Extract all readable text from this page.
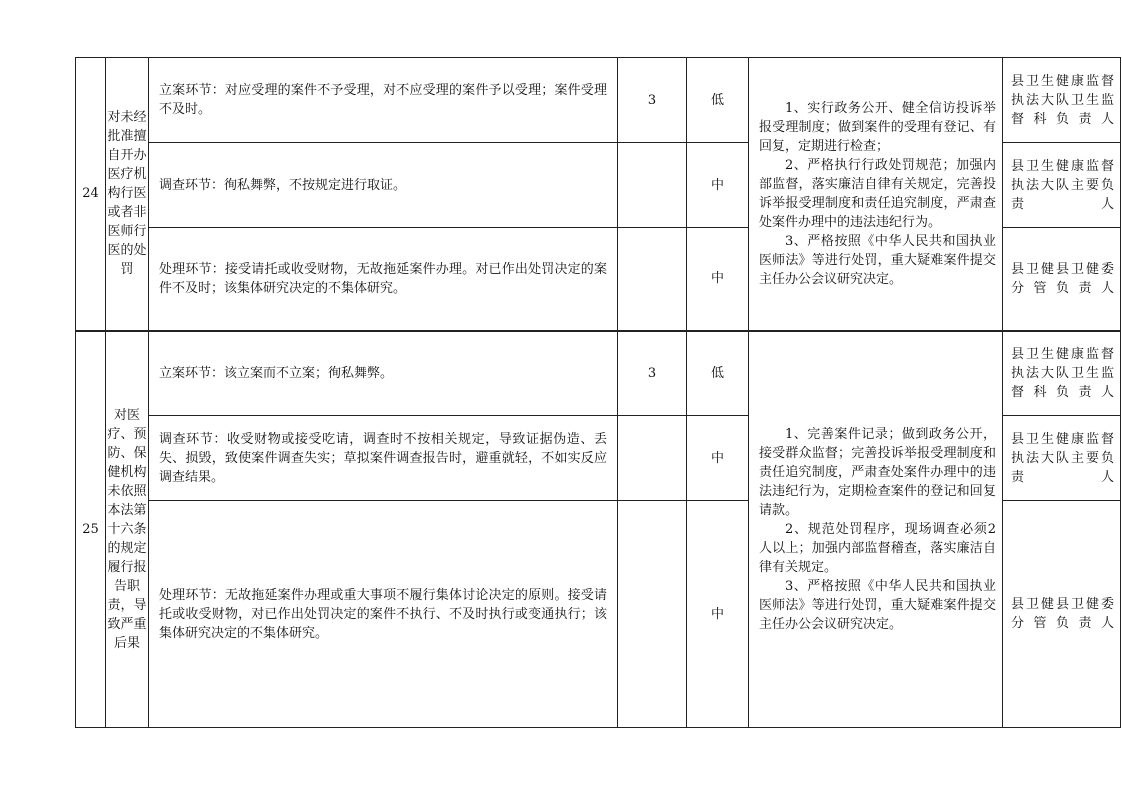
24	对未经批准擅自开办医疗机构行医或者非医师行医的处罚	立案环节：对应受理的案件不予受理，对不应受理的案件予以受理；案件受理不及时。	3	低	1、实行政务公开、健全信访投诉举报受理制度；做到案件的受理有登记、有回复，定期进行检查；

2、严格执行行政处罚规范；加强内部监督，落实廉洁自律有关规定，完善投诉举报受理制度和责任追究制度，严肃查处案件办理中的违法违纪行为。

3、严格按照《中华人民共和国执业医师法》等进行处罚，重大疑难案件提交主任办公会议研究决定。	县卫生健康监督执法大队卫生监督科负责人
		调查环节：徇私舞弊，不按规定进行取证。		中		县卫生健康监督执法大队主要负责人
		处理环节：接受请托或收受财物，无故拖延案件办理。对已作出处罚决定的案件不及时；该集体研究决定的不集体研究。		中		县卫健县卫健委分管负责人
25	对医疗、预防、保健机构未依照本法第十六条的规定履行报告职责，导致严重后果	立案环节：该立案而不立案；徇私舞弊。	3	低	1、完善案件记录；做到政务公开，接受群众监督；完善投诉举报受理制度和责任追究制度，严肃查处案件办理中的违法违纪行为，定期检查案件的登记和回复请款。

2、规范处罚程序，现场调查必须2人以上；加强内部监督稽查，落实廉洁自律有关规定。

3、严格按照《中华人民共和国执业医师法》等进行处罚，重大疑难案件提交主任办公会议研究决定。	县卫生健康监督执法大队卫生监督科负责人
		调查环节：收受财物或接受吃请，调查时不按相关规定，导致证据伪造、丢失、损毁，致使案件调查失实；草拟案件调查报告时，避重就轻，不如实反应调查结果。		中		县卫生健康监督执法大队主要负责人
		处理环节：无故拖延案件办理或重大事项不履行集体讨论决定的原则。接受请托或收受财物，对已作出处罚决定的案件不执行、不及时执行或变通执行；该集体研究决定的不集体研究。		中		县卫健县卫健委分管负责人
